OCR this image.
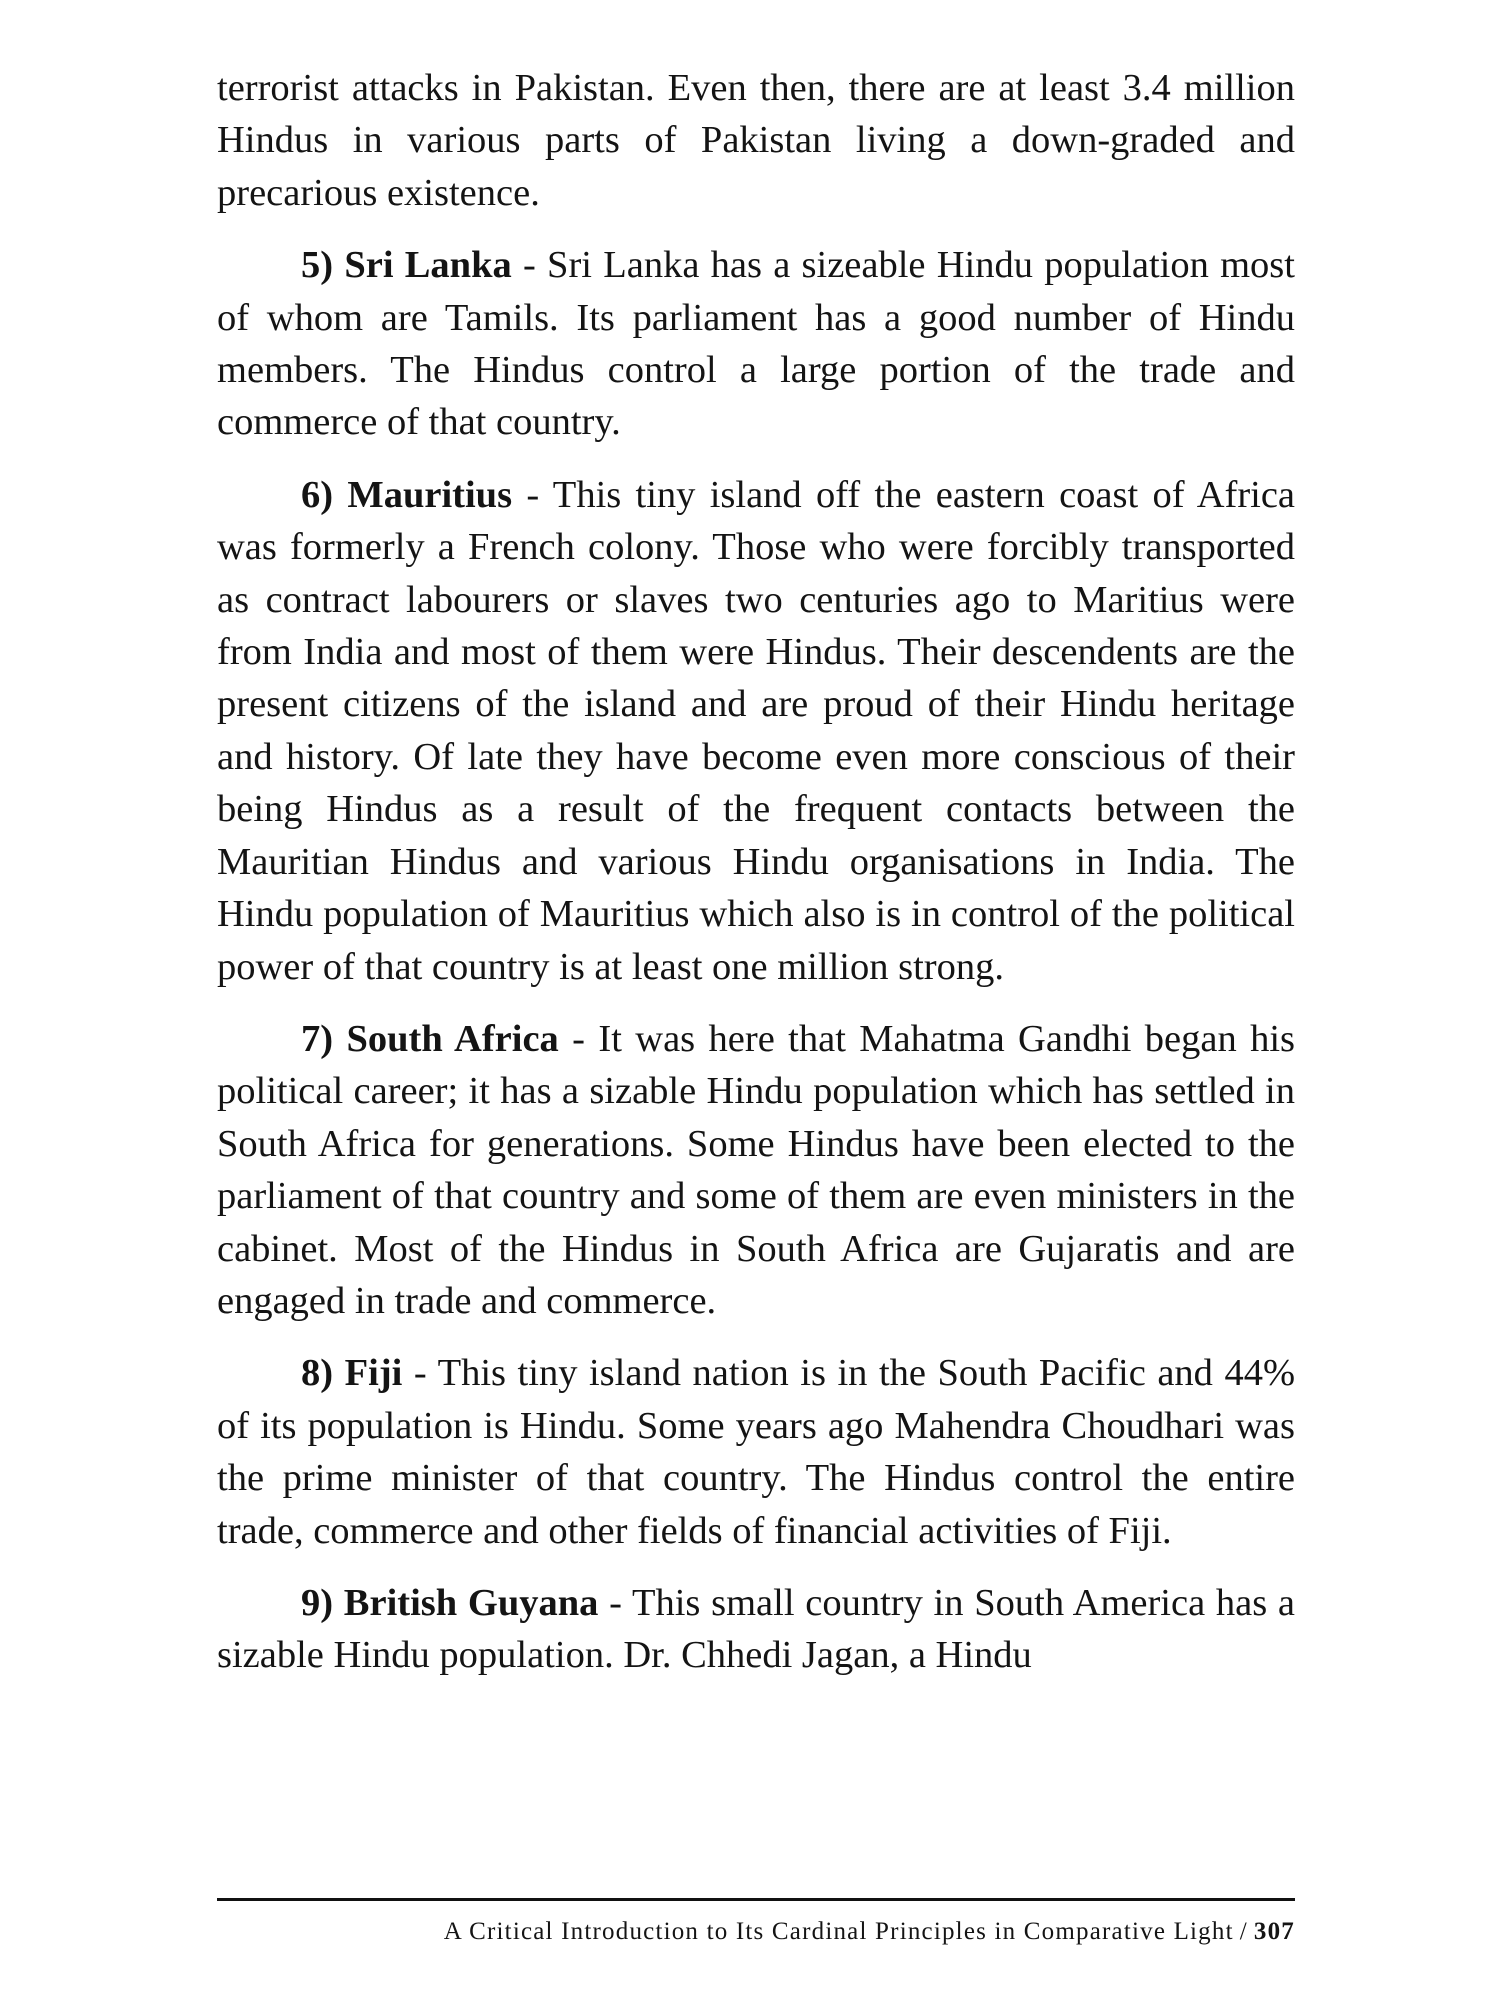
terrorist attacks in Pakistan. Even then, there are at least 3.4 million Hindus in various parts of Pakistan living a down-graded and precarious existence.

5) Sri Lanka - Sri Lanka has a sizeable Hindu population most of whom are Tamils. Its parliament has a good number of Hindu members. The Hindus control a large portion of the trade and commerce of that country.

6) Mauritius - This tiny island off the eastern coast of Africa was formerly a French colony. Those who were forcibly transported as contract labourers or slaves two centuries ago to Maritius were from India and most of them were Hindus. Their descendents are the present citizens of the island and are proud of their Hindu heritage and history. Of late they have become even more conscious of their being Hindus as a result of the frequent contacts between the Mauritian Hindus and various Hindu organisations in India. The Hindu population of Mauritius which also is in control of the political power of that country is at least one million strong.

7) South Africa - It was here that Mahatma Gandhi began his political career; it has a sizable Hindu population which has settled in South Africa for generations. Some Hindus have been elected to the parliament of that country and some of them are even ministers in the cabinet. Most of the Hindus in South Africa are Gujaratis and are engaged in trade and commerce.

8) Fiji - This tiny island nation is in the South Pacific and 44% of its population is Hindu. Some years ago Mahendra Choudhari was the prime minister of that country. The Hindus control the entire trade, commerce and other fields of financial activities of Fiji.

9) British Guyana - This small country in South America has a sizable Hindu population. Dr. Chhedi Jagan, a Hindu

A Critical Introduction to Its Cardinal Principles in Comparative Light / 307
